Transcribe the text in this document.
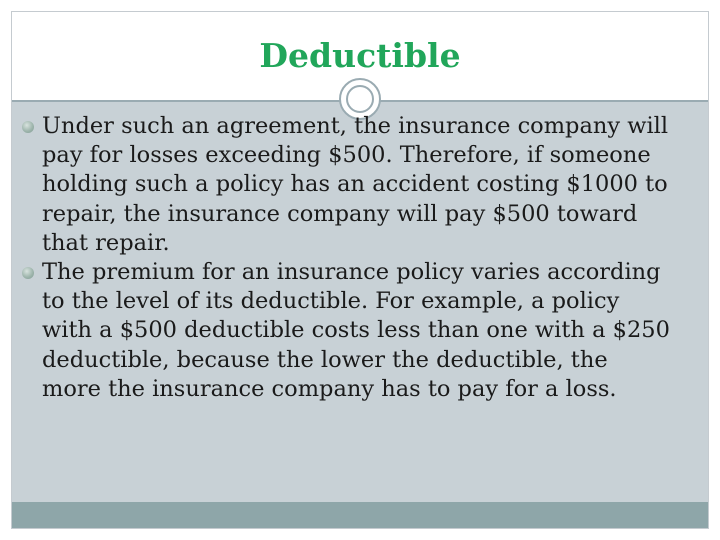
Deductible
Under such an agreement, the insurance company will pay for losses exceeding $500. Therefore, if someone holding such a policy has an accident costing $1000 to repair, the insurance company will pay $500 toward that repair.
The premium for an insurance policy varies according to the level of its deductible. For example, a policy with a $500 deductible costs less than one with a $250 deductible, because the lower the deductible, the more the insurance company has to pay for a loss.
